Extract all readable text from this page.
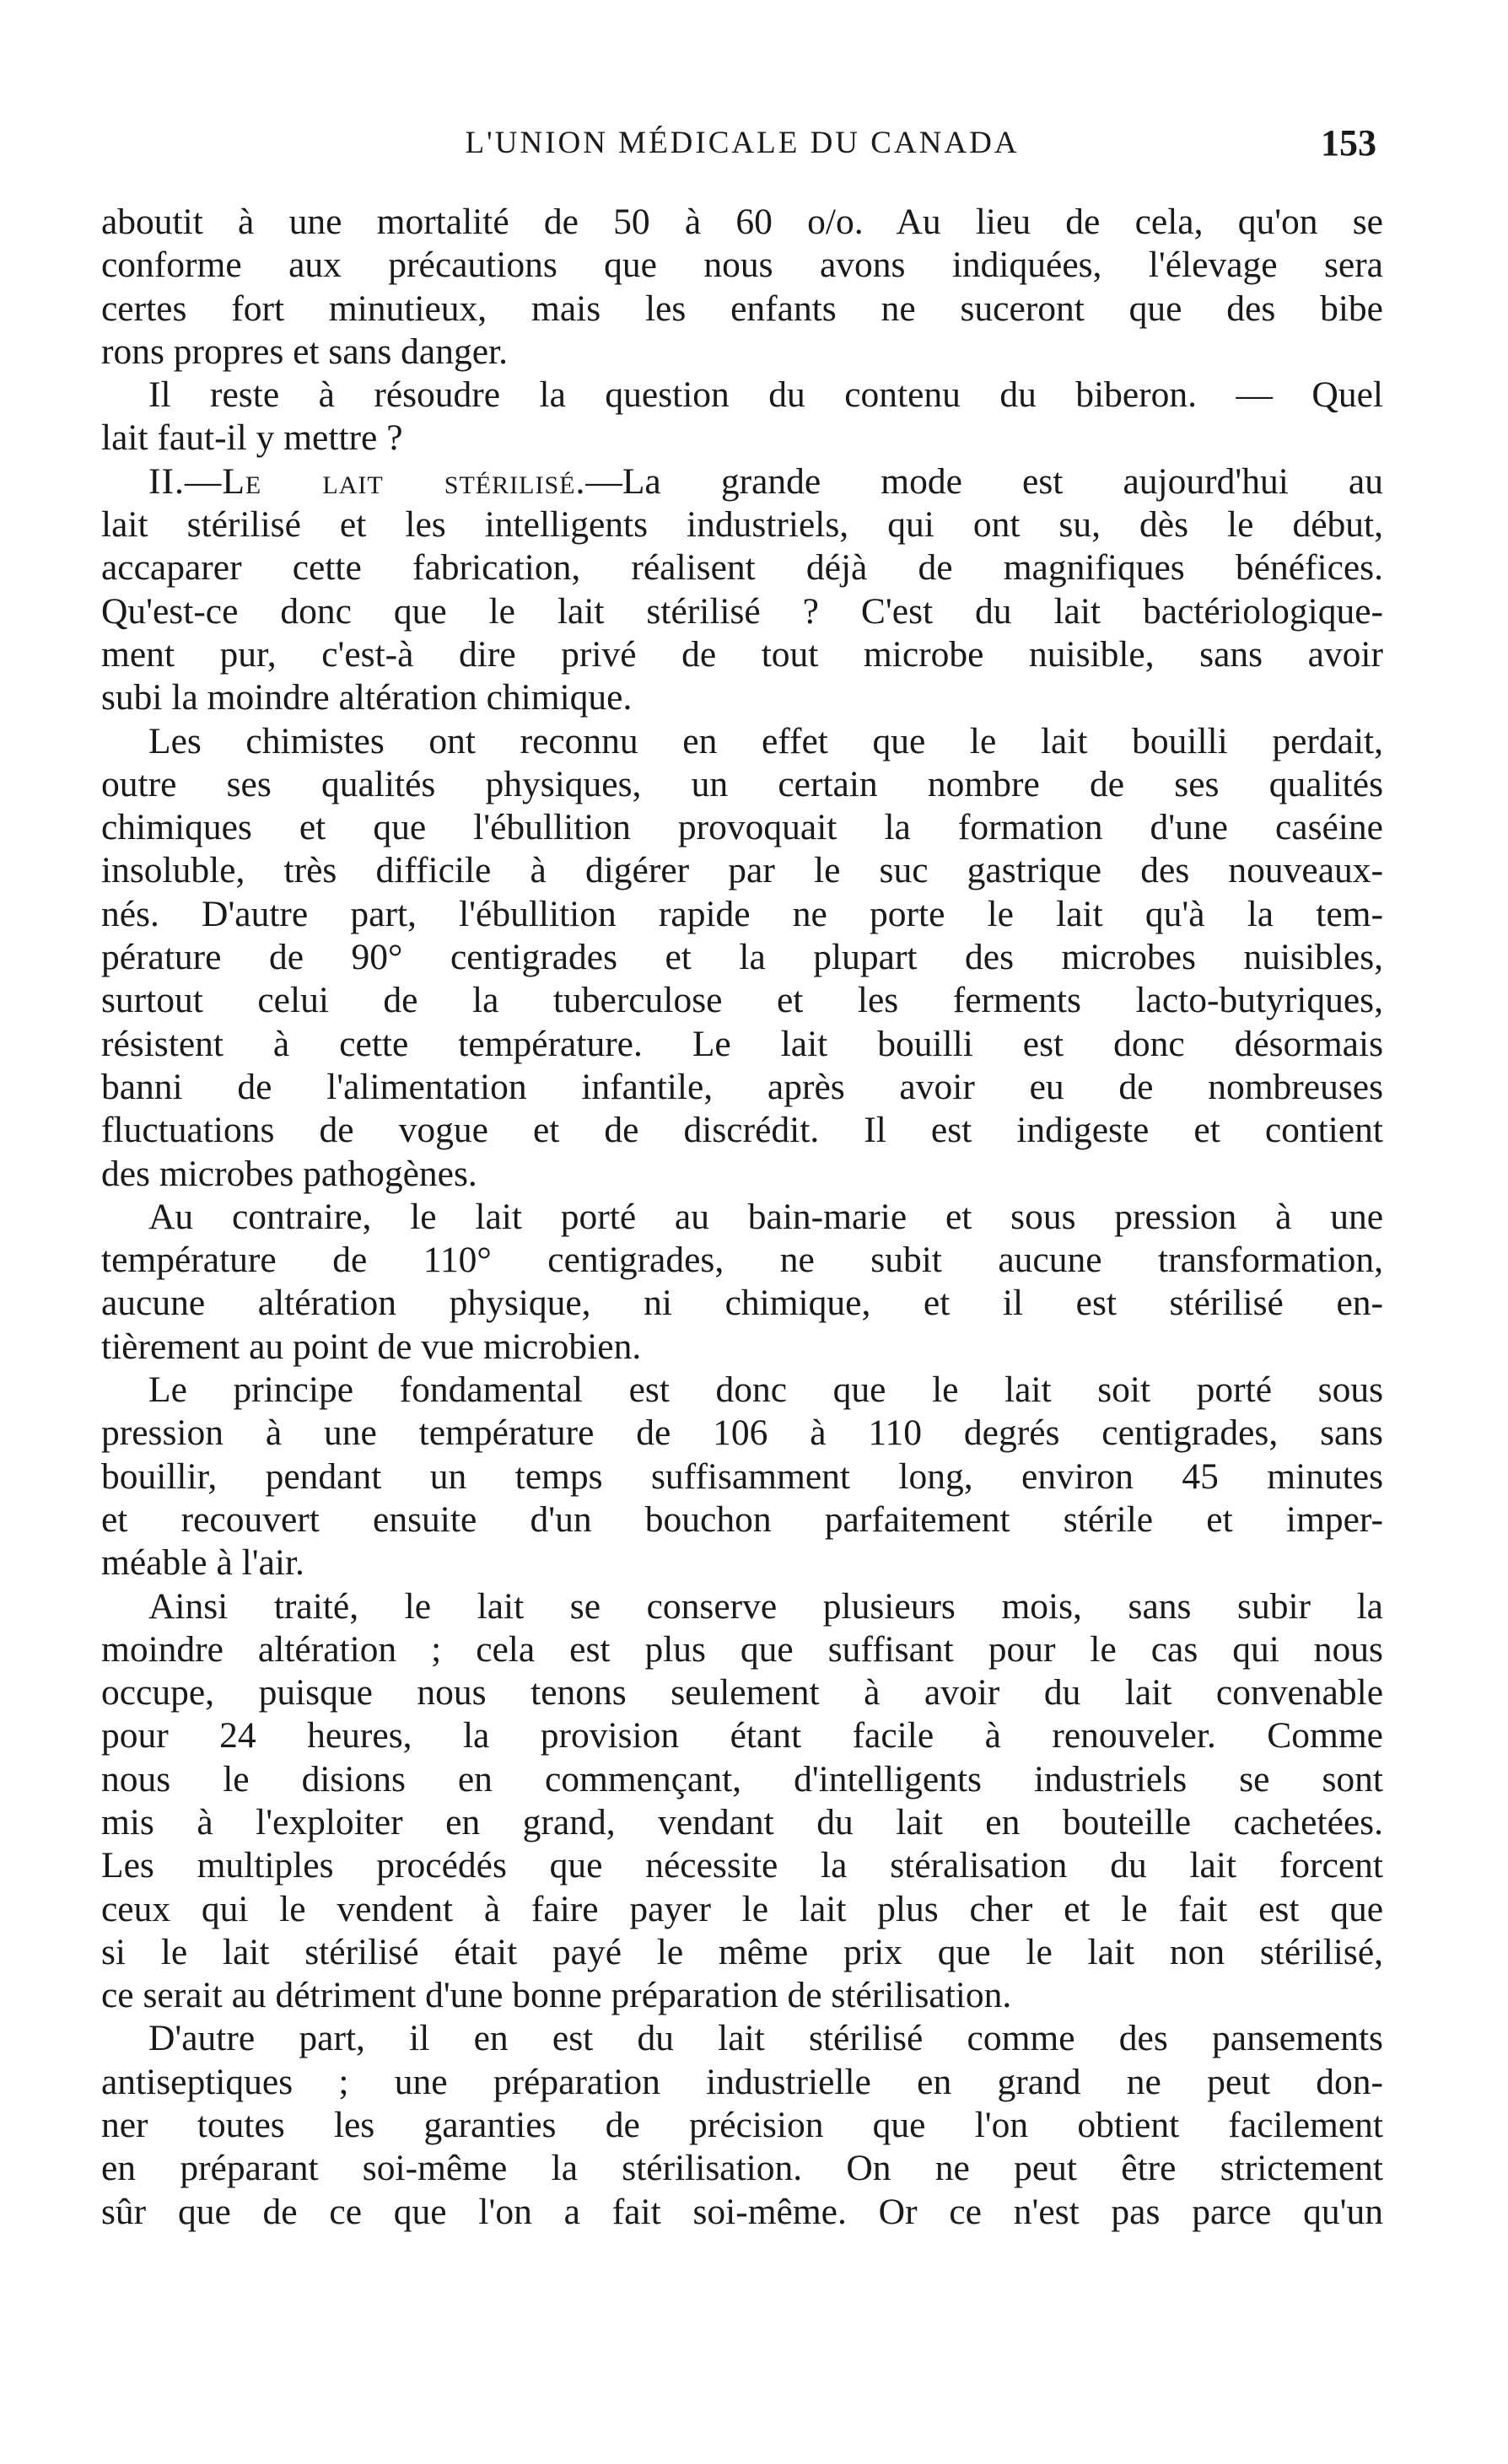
L'UNION MÉDICALE DU CANADA	153
aboutit à une mortalité de 50 à 60 o/o. Au lieu de cela, qu'on se
conforme aux précautions que nous avons indiquées, l'élevage sera
certes fort minutieux, mais les enfants ne suceront que des bibe
rons propres et sans danger.
Il reste à résoudre la question du contenu du biberon. — Quel
lait faut-il y mettre ?
II.—Le lait stérilisé.—La grande mode est aujourd'hui au
lait stérilisé et les intelligents industriels, qui ont su, dès le début,
accaparer cette fabrication, réalisent déjà de magnifiques bénéfices.
Qu'est-ce donc que le lait stérilisé ? C'est du lait bactériologique-
ment pur, c'est-à dire privé de tout microbe nuisible, sans avoir
subi la moindre altération chimique.
Les chimistes ont reconnu en effet que le lait bouilli perdait,
outre ses qualités physiques, un certain nombre de ses qualités
chimiques et que l'ébullition provoquait la formation d'une caséine
insoluble, très difficile à digérer par le suc gastrique des nouveaux-
nés. D'autre part, l'ébullition rapide ne porte le lait qu'à la tem-
pérature de 90° centigrades et la plupart des microbes nuisibles,
surtout celui de la tuberculose et les ferments lacto-butyriques,
résistent à cette température. Le lait bouilli est donc désormais
banni de l'alimentation infantile, après avoir eu de nombreuses
fluctuations de vogue et de discrédit. Il est indigeste et contient
des microbes pathogènes.
Au contraire, le lait porté au bain-marie et sous pression à une
température de 110° centigrades, ne subit aucune transformation,
aucune altération physique, ni chimique, et il est stérilisé en-
tièrement au point de vue microbien.
Le principe fondamental est donc que le lait soit porté sous
pression à une température de 106 à 110 degrés centigrades, sans
bouillir, pendant un temps suffisamment long, environ 45 minutes
et recouvert ensuite d'un bouchon parfaitement stérile et imper-
méable à l'air.
Ainsi traité, le lait se conserve plusieurs mois, sans subir la
moindre altération ; cela est plus que suffisant pour le cas qui nous
occupe, puisque nous tenons seulement à avoir du lait convenable
pour 24 heures, la provision étant facile à renouveler. Comme
nous le disions en commençant, d'intelligents industriels se sont
mis à l'exploiter en grand, vendant du lait en bouteille cachetées.
Les multiples procédés que nécessite la stéralisation du lait forcent
ceux qui le vendent à faire payer le lait plus cher et le fait est que
si le lait stérilisé était payé le même prix que le lait non stérilisé,
ce serait au détriment d'une bonne préparation de stérilisation.
D'autre part, il en est du lait stérilisé comme des pansements
antiseptiques ; une préparation industrielle en grand ne peut don-
ner toutes les garanties de précision que l'on obtient facilement
en préparant soi-même la stérilisation. On ne peut être strictement
sûr que de ce que l'on a fait soi-même. Or ce n'est pas parce qu'un
